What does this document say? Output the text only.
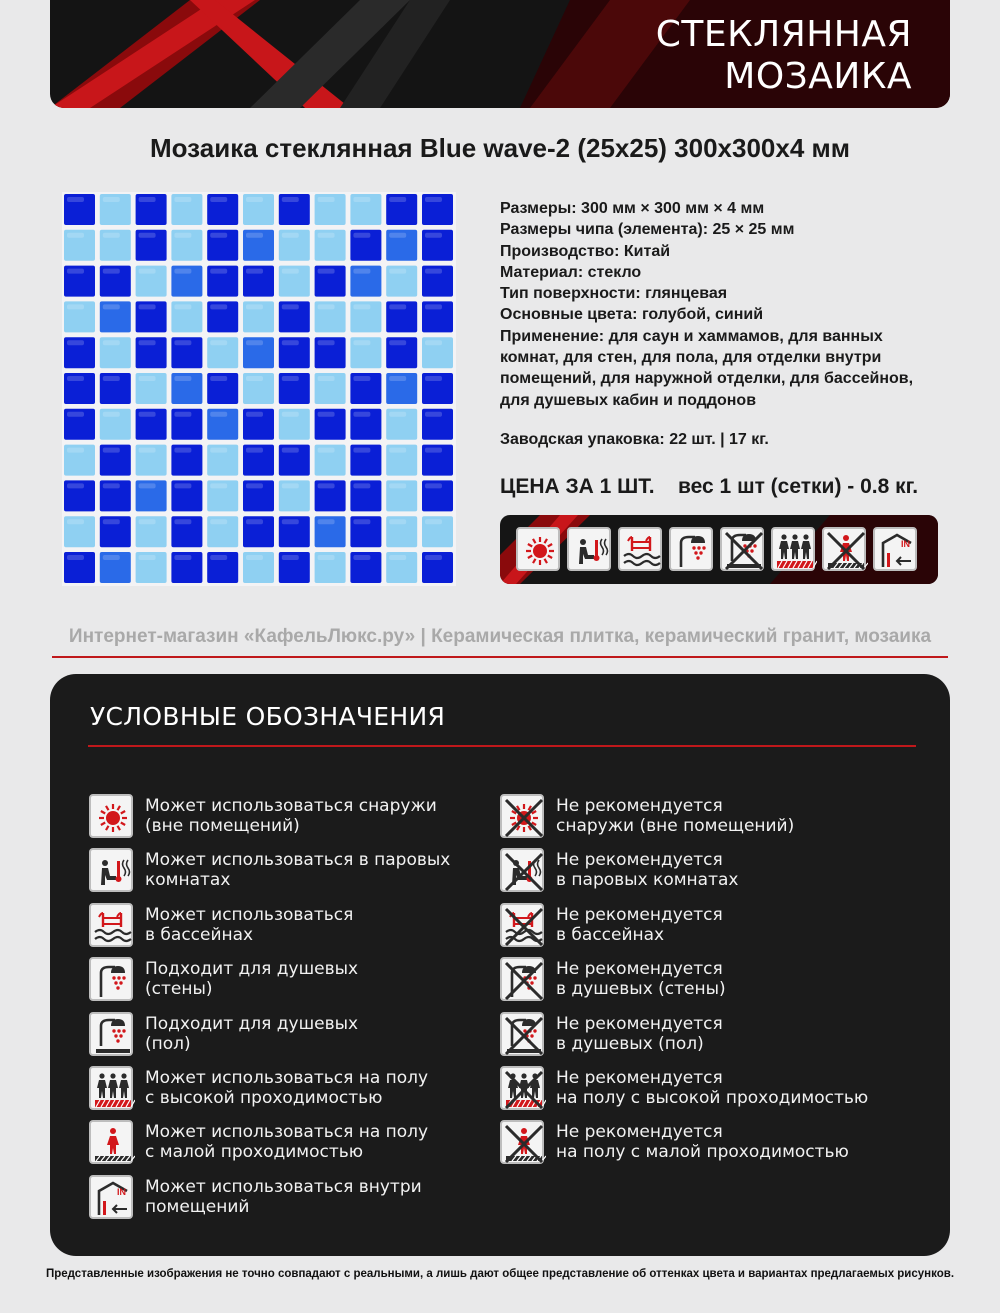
СТЕКЛЯННАЯ
МОЗАИКА
Мозаика стеклянная Blue wave-2 (25x25) 300x300x4 мм
Размеры: 300 мм × 300 мм × 4 мм
Размеры чипа (элемента): 25 × 25 мм
Производство: Китай
Материал: стекло
Тип поверхности: глянцевая
Основные цвета: голубой, синий
Применение: для саун и хаммамов, для ванных
комнат, для стен, для пола, для отделки внутри
помещений, для наружной отделки, для бассейнов,
для душевых кабин и поддонов
Заводская упаковка: 22 шт. | 17 кг.
ЦЕНА ЗА 1 ШТ. вес 1 шт (сетки) - 0.8 кг.
IN
Интернет-магазин «КафельЛюкс.ру» | Керамическая плитка, керамический гранит, мозаика
УСЛОВНЫЕ ОБОЗНАЧЕНИЯ
Может использоваться снаружи
(вне помещений)
Может использоваться в паровых
комнатах
Может использоваться
в бассейнах
Подходит для душевых
(стены)
Подходит для душевых
(пол)
Может использоваться на полу
с высокой проходимостью
Может использоваться на полу
с малой проходимостью
IN Может использоваться внутри
помещений
Не рекомендуется
снаружи (вне помещений)
Не рекомендуется
в паровых комнатах
Не рекомендуется
в бассейнах
Не рекомендуется
в душевых (стены)
Не рекомендуется
в душевых (пол)
Не рекомендуется
на полу с высокой проходимостью
Не рекомендуется
на полу с малой проходимостью
Представленные изображения не точно совпадают с реальными, а лишь дают общее представление об оттенках цвета и вариантах предлагаемых рисунков.
